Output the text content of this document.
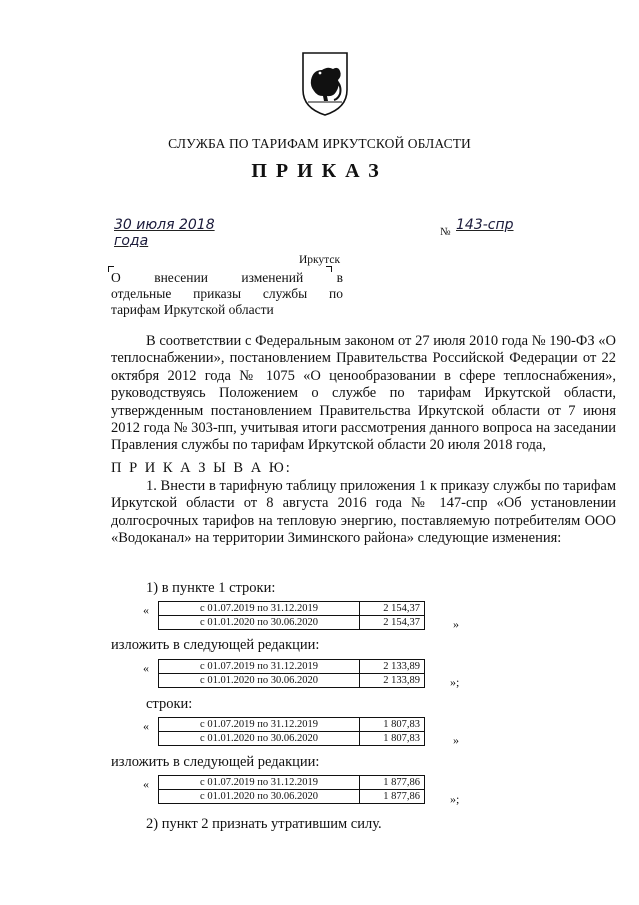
СЛУЖБА ПО ТАРИФАМ ИРКУТСКОЙ ОБЛАСТИ
ПРИКАЗ
30 июля 2018 года
№ 143-спр
Иркутск
О внесении изменений в
отдельные приказы службы по
тарифам Иркутской области
В соответствии с Федеральным законом от 27 июля 2010 года № 190-ФЗ «О теплоснабжении», постановлением Правительства Российской Федерации от 22 октября 2012 года № 1075 «О ценообразовании в сфере теплоснабжения», руководствуясь Положением о службе по тарифам Иркутской области, утвержденным постановлением Правительства Иркутской области от 7 июня 2012 года № 303-пп, учитывая итоги рассмотрения данного вопроса на заседании Правления службы по тарифам Иркутской области 20 июля 2018 года,
П Р И К А З Ы В А Ю:
1. Внести в тарифную таблицу приложения 1 к приказу службы по тарифам Иркутской области от 8 августа 2016 года № 147-спр «Об установлении долгосрочных тарифов на тепловую энергию, поставляемую потребителям ООО «Водоканал» на территории Зиминского района» следующие изменения:
1) в пункте 1 строки:
«	с 01.07.2019 по 31.12.2019	2 154,37
с 01.01.2020 по 30.06.2020	2 154,37	»
изложить в следующей редакции:
«	с 01.07.2019 по 31.12.2019	2 133,89
с 01.01.2020 по 30.06.2020	2 133,89	»;
строки:
«	с 01.07.2019 по 31.12.2019	1 807,83
с 01.01.2020 по 30.06.2020	1 807,83	»
изложить в следующей редакции:
«	с 01.07.2019 по 31.12.2019	1 877,86
с 01.01.2020 по 30.06.2020	1 877,86	»;
2) пункт 2 признать утратившим силу.
